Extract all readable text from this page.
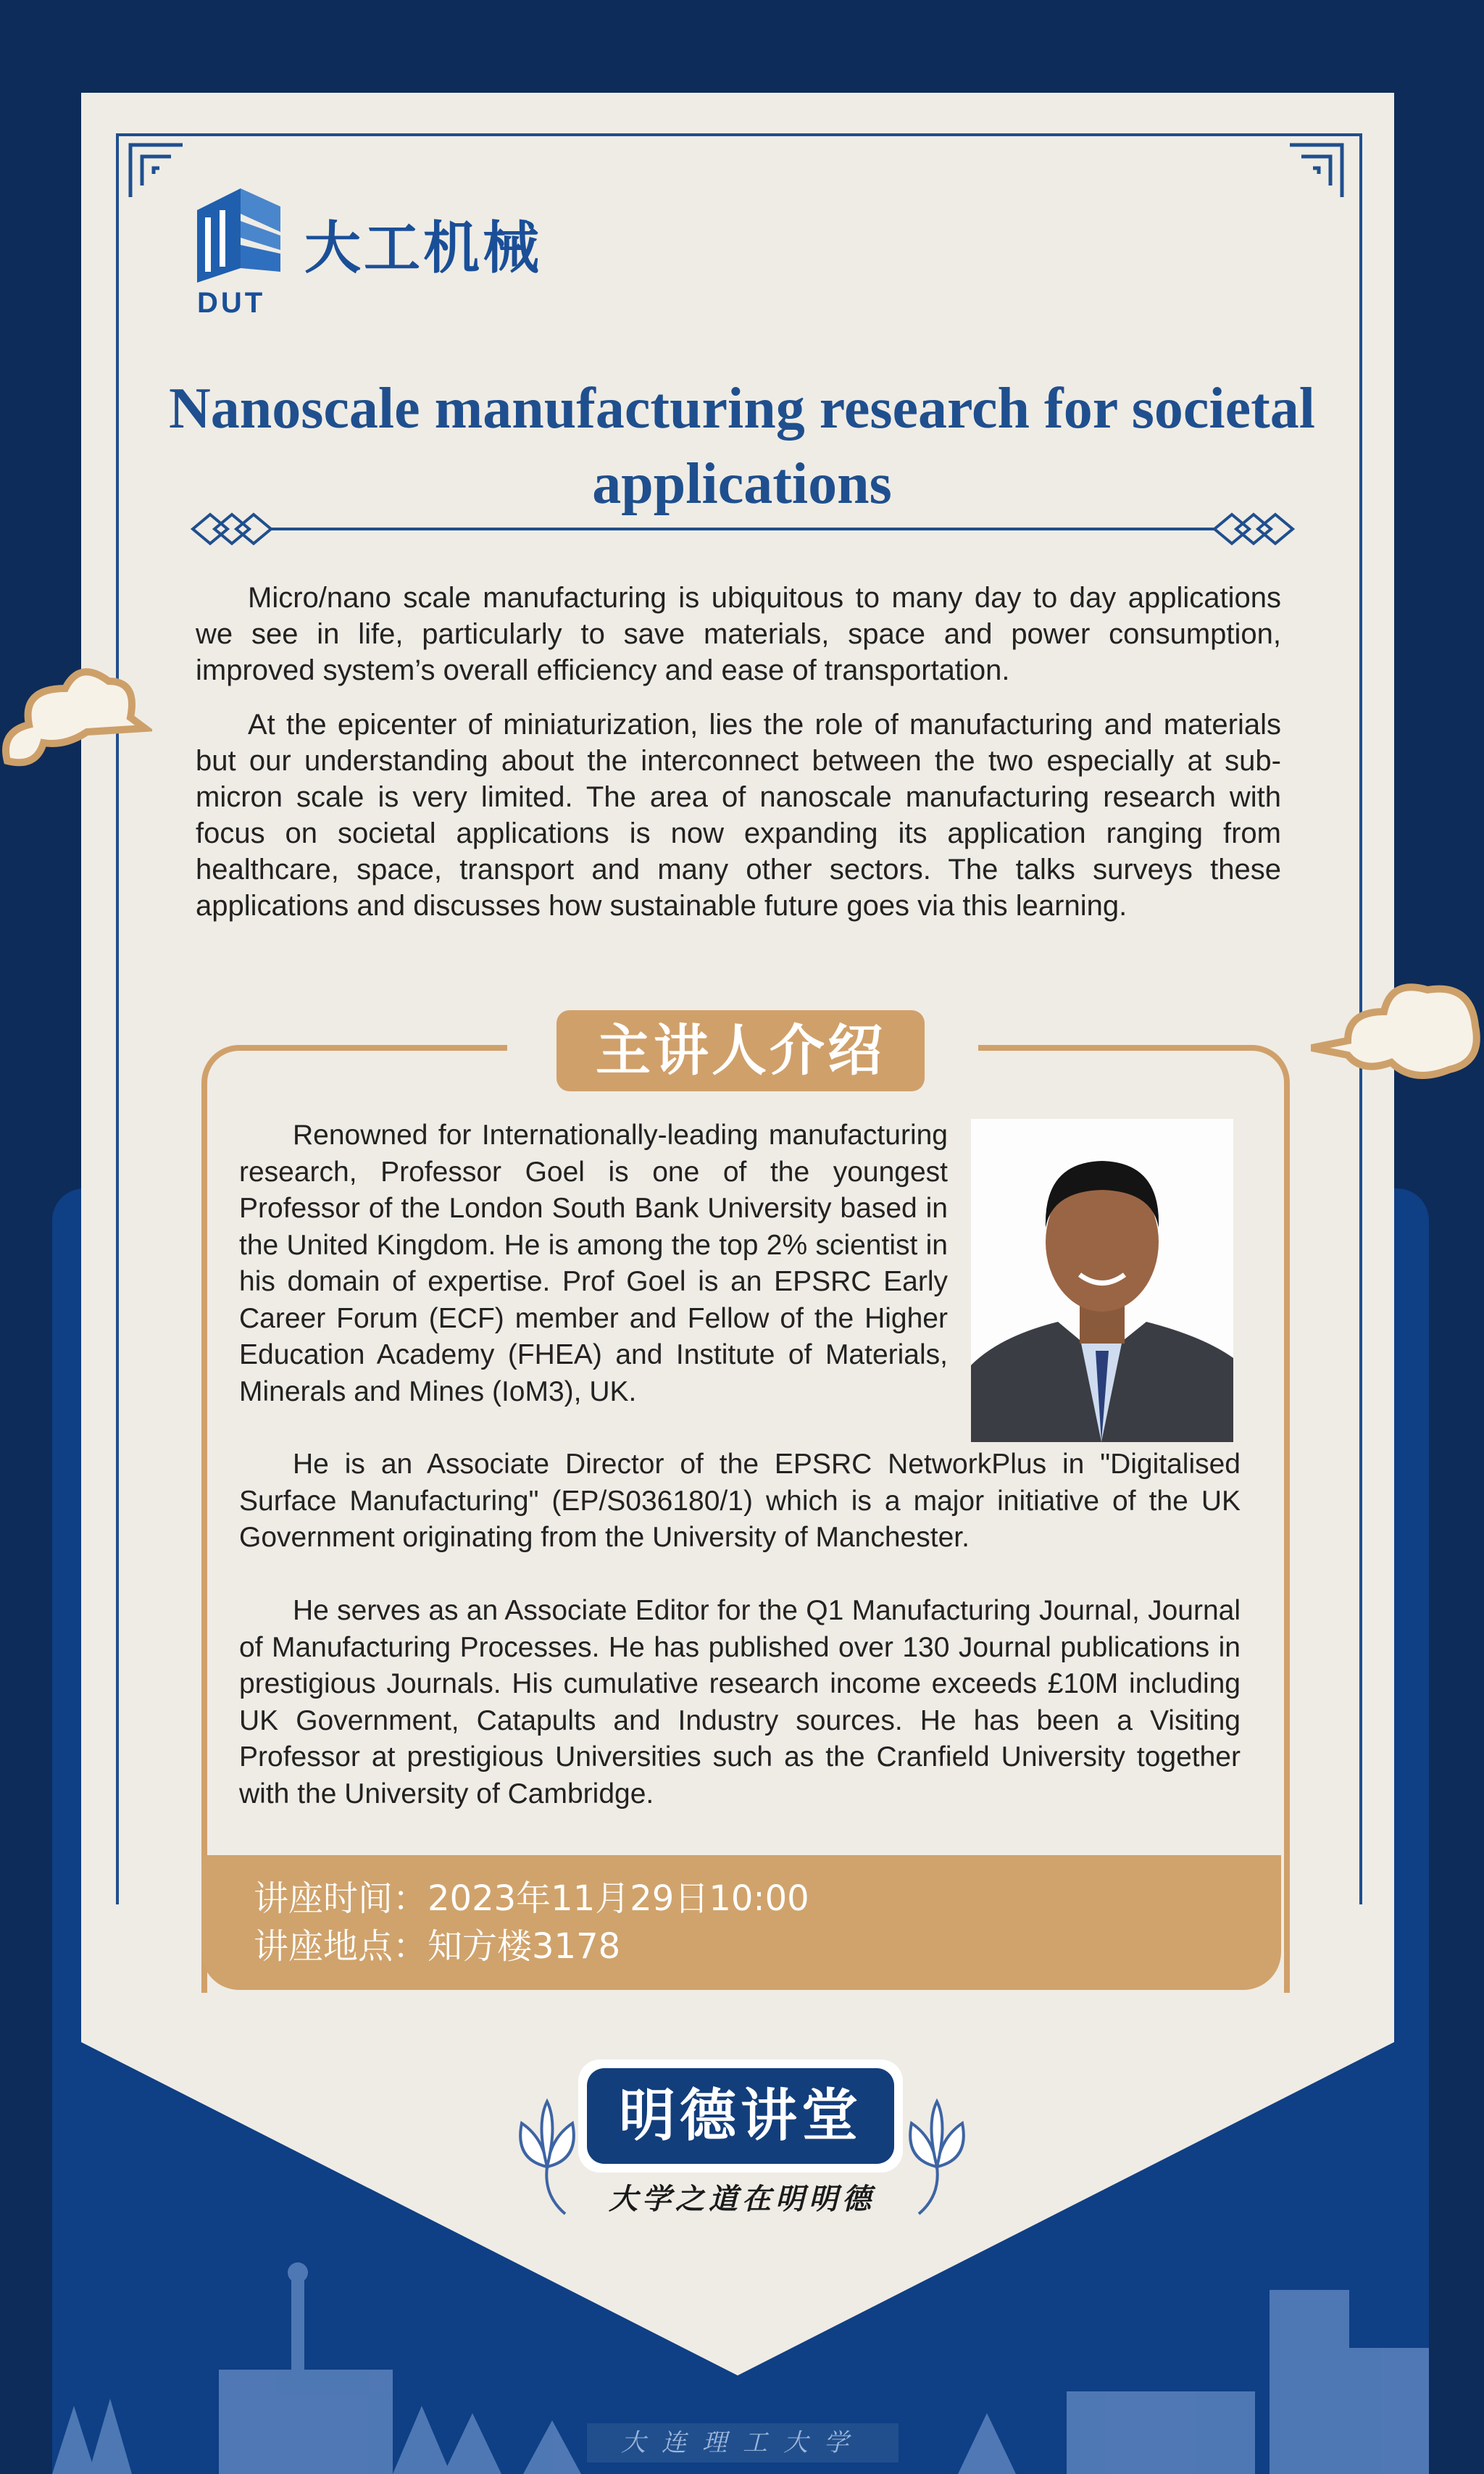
DUT
大工机械
Nanoscale manufacturing research for societal applications
Micro/nano scale manufacturing is ubiquitous to many day to day applications we see in life, particularly to save materials, space and power consumption, improved system’s overall efficiency and ease of transportation.
At the epicenter of miniaturization, lies the role of manufacturing and materials but our understanding about the interconnect between the two especially at sub-micron scale is very limited. The area of nanoscale manufacturing research with focus on societal applications is now expanding its application ranging from healthcare, space, transport and many other sectors. The talks surveys these applications and discusses how sustainable future goes via this learning.
主讲人介绍
Renowned for Internationally-leading manufacturing research, Professor Goel is one of the youngest Professor of the London South Bank University based in the United Kingdom. He is among the top 2% scientist in his domain of expertise. Prof Goel is an EPSRC Early Career Forum (ECF) member and Fellow of the Higher Education Academy (FHEA) and Institute of Materials, Minerals and Mines (IoM3), UK.
He is an Associate Director of the EPSRC NetworkPlus in "Digitalised Surface Manufacturing" (EP/S036180/1) which is a major initiative of the UK Government originating from the University of Manchester.
He serves as an Associate Editor for the Q1 Manufacturing Journal, Journal of Manufacturing Processes. He has published over 130 Journal publications in prestigious Journals. His cumulative research income exceeds £10M including UK Government, Catapults and Industry sources. He has been a Visiting Professor at prestigious Universities such as the Cranfield University together with the University of Cambridge.
讲座时间：2023年11月29日10:00
讲座地点：知方楼3178
明德讲堂
大学之道在明明德
大连理工大学
